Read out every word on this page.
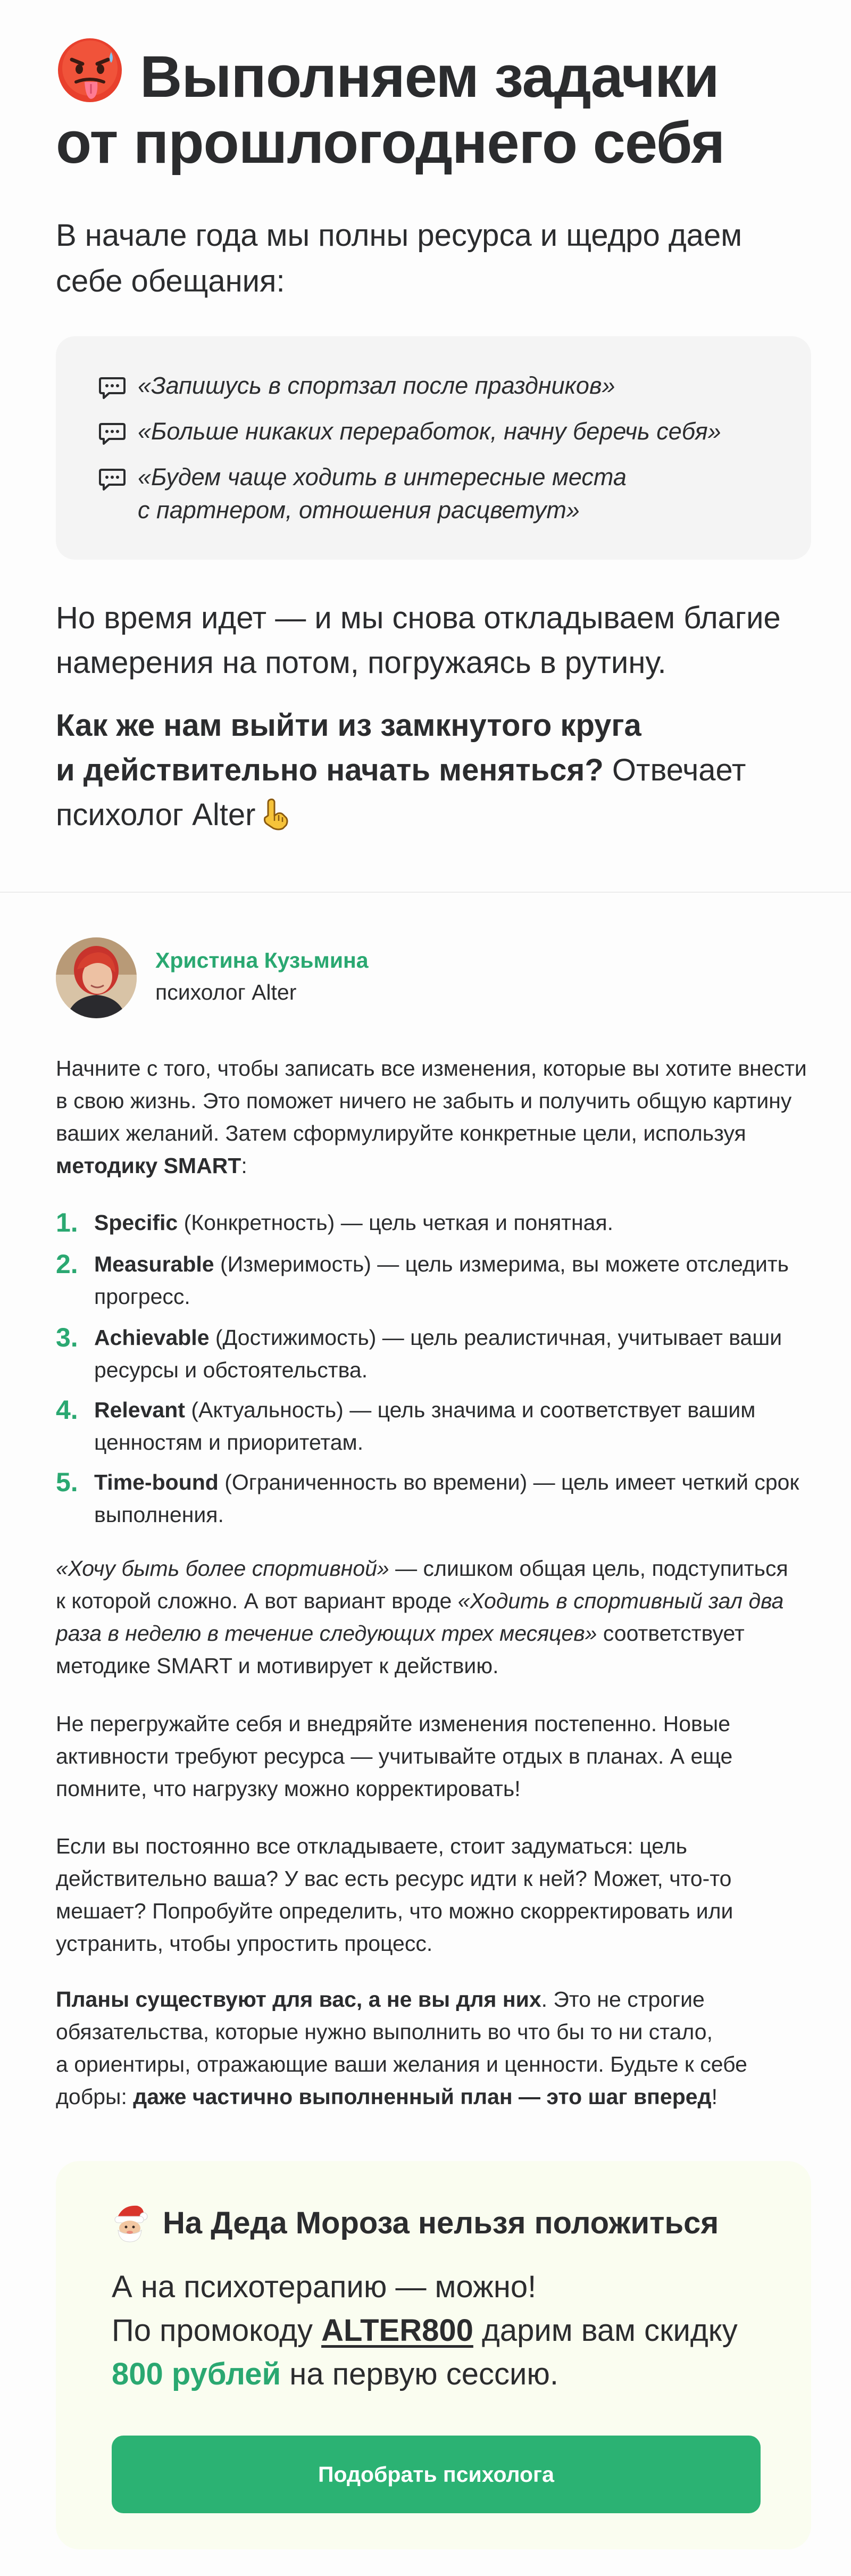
Выполняем задачки
от прошлогоднего себя

В начале года мы полны ресурса и щедро даем
себе обещания:

«Запишусь в спортзал после праздников»
«Больше никаких переработок, начну беречь себя»
«Будем чаще ходить в интересные места
с партнером, отношения расцветут»

Но время идет — и мы снова откладываем благие
намерения на потом, погружаясь в рутину.

Как же нам выйти из замкнутого круга
и действительно начать меняться? Отвечает
психолог Alter

Христина Кузьмина
психолог Alter

Начните с того, чтобы записать все изменения, которые вы хотите внести
в свою жизнь. Это поможет ничего не забыть и получить общую картину
ваших желаний. Затем сформулируйте конкретные цели, используя
методику SMART:

1. Specific (Конкретность) — цель четкая и понятная.
2. Measurable (Измеримость) — цель измерима, вы можете отследить
прогресс.
3. Achievable (Достижимость) — цель реалистичная, учитывает ваши
ресурсы и обстоятельства.
4. Relevant (Актуальность) — цель значима и соответствует вашим
ценностям и приоритетам.
5. Time-bound (Ограниченность во времени) — цель имеет четкий срок
выполнения.

«Хочу быть более спортивной» — слишком общая цель, подступиться
к которой сложно. А вот вариант вроде «Ходить в спортивный зал два
раза в неделю в течение следующих трех месяцев» соответствует
методике SMART и мотивирует к действию.

Не перегружайте себя и внедряйте изменения постепенно. Новые
активности требуют ресурса — учитывайте отдых в планах. А еще
помните, что нагрузку можно корректировать!

Если вы постоянно все откладываете, стоит задуматься: цель
действительно ваша? У вас есть ресурс идти к ней? Может, что-то
мешает? Попробуйте определить, что можно скорректировать или
устранить, чтобы упростить процесс.

Планы существуют для вас, а не вы для них. Это не строгие
обязательства, которые нужно выполнить во что бы то ни стало,
а ориентиры, отражающие ваши желания и ценности. Будьте к себе
добры: даже частично выполненный план — это шаг вперед!

На Деда Мороза нельзя положиться

А на психотерапию — можно!
По промокоду ALTER800 дарим вам скидку
800 рублей на первую сессию.

Подобрать психолога
